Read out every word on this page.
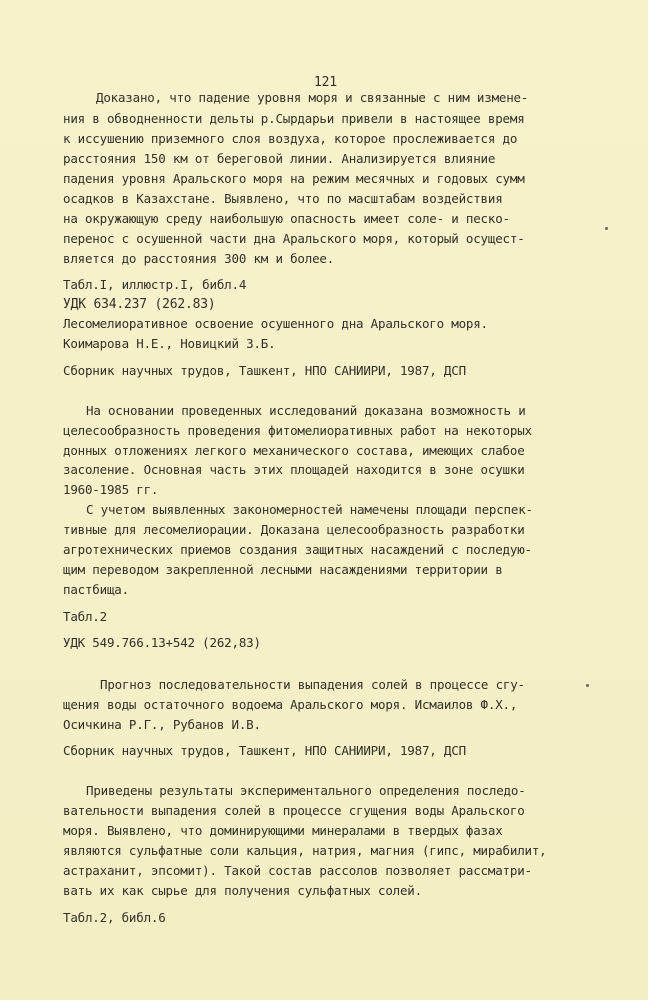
121
Доказано, что падение уровня моря и связанные с ним измене-
ния в обводненности дельты р.Сырдарьи привели в настоящее время
к иссушению приземного слоя воздуха, которое прослеживается до
расстояния 150 км от береговой линии. Анализируется влияние
падения уровня Аральского моря на режим месячных и годовых сумм
осадков в Казахстане. Выявлено, что по масштабам воздействия
на окружающую среду наибольшую опасность имеет соле- и песко-
перенос с осушенной части дна Аральского моря, который осущест-
вляется до расстояния 300 км и более.
Табл.I, иллюстр.I, библ.4
УДК 634.237 (262.83)
Лесомелиоративное освоение осушенного дна Аральского моря.
Коимарова Н.Е., Новицкий З.Б.
Сборник научных трудов, Ташкент, НПО САНИИРИ, 1987, ДСП
На основании проведенных исследований доказана возможность и
целесообразность проведения фитомелиоративных работ на некоторых
донных отложениях легкого механического состава, имеющих слабое
засоление. Основная часть этих площадей находится в зоне осушки
1960-1985 гг.
С учетом выявленных закономерностей намечены площади перспек-
тивные для лесомелиорации. Доказана целесообразность разработки
агротехнических приемов создания защитных насаждений с последую-
щим переводом закрепленной лесными насаждениями территории в
пастбища.
Табл.2
УДК 549.766.13+542 (262,83)
Прогноз последовательности выпадения солей в процессе сгу-
щения воды остаточного водоема Аральского моря. Исмаилов Ф.Х.,
Осичкина Р.Г., Рубанов И.В.
Сборник научных трудов, Ташкент, НПО САНИИРИ, 1987, ДСП
Приведены результаты экспериментального определения последо-
вательности выпадения солей в процессе сгущения воды Аральского
моря. Выявлено, что доминирующими минералами в твердых фазах
являются сульфатные соли кальция, натрия, магния (гипс, мирабилит,
астраханит, эпсомит). Такой состав рассолов позволяет рассматри-
вать их как сырье для получения сульфатных солей.
Табл.2, библ.6
